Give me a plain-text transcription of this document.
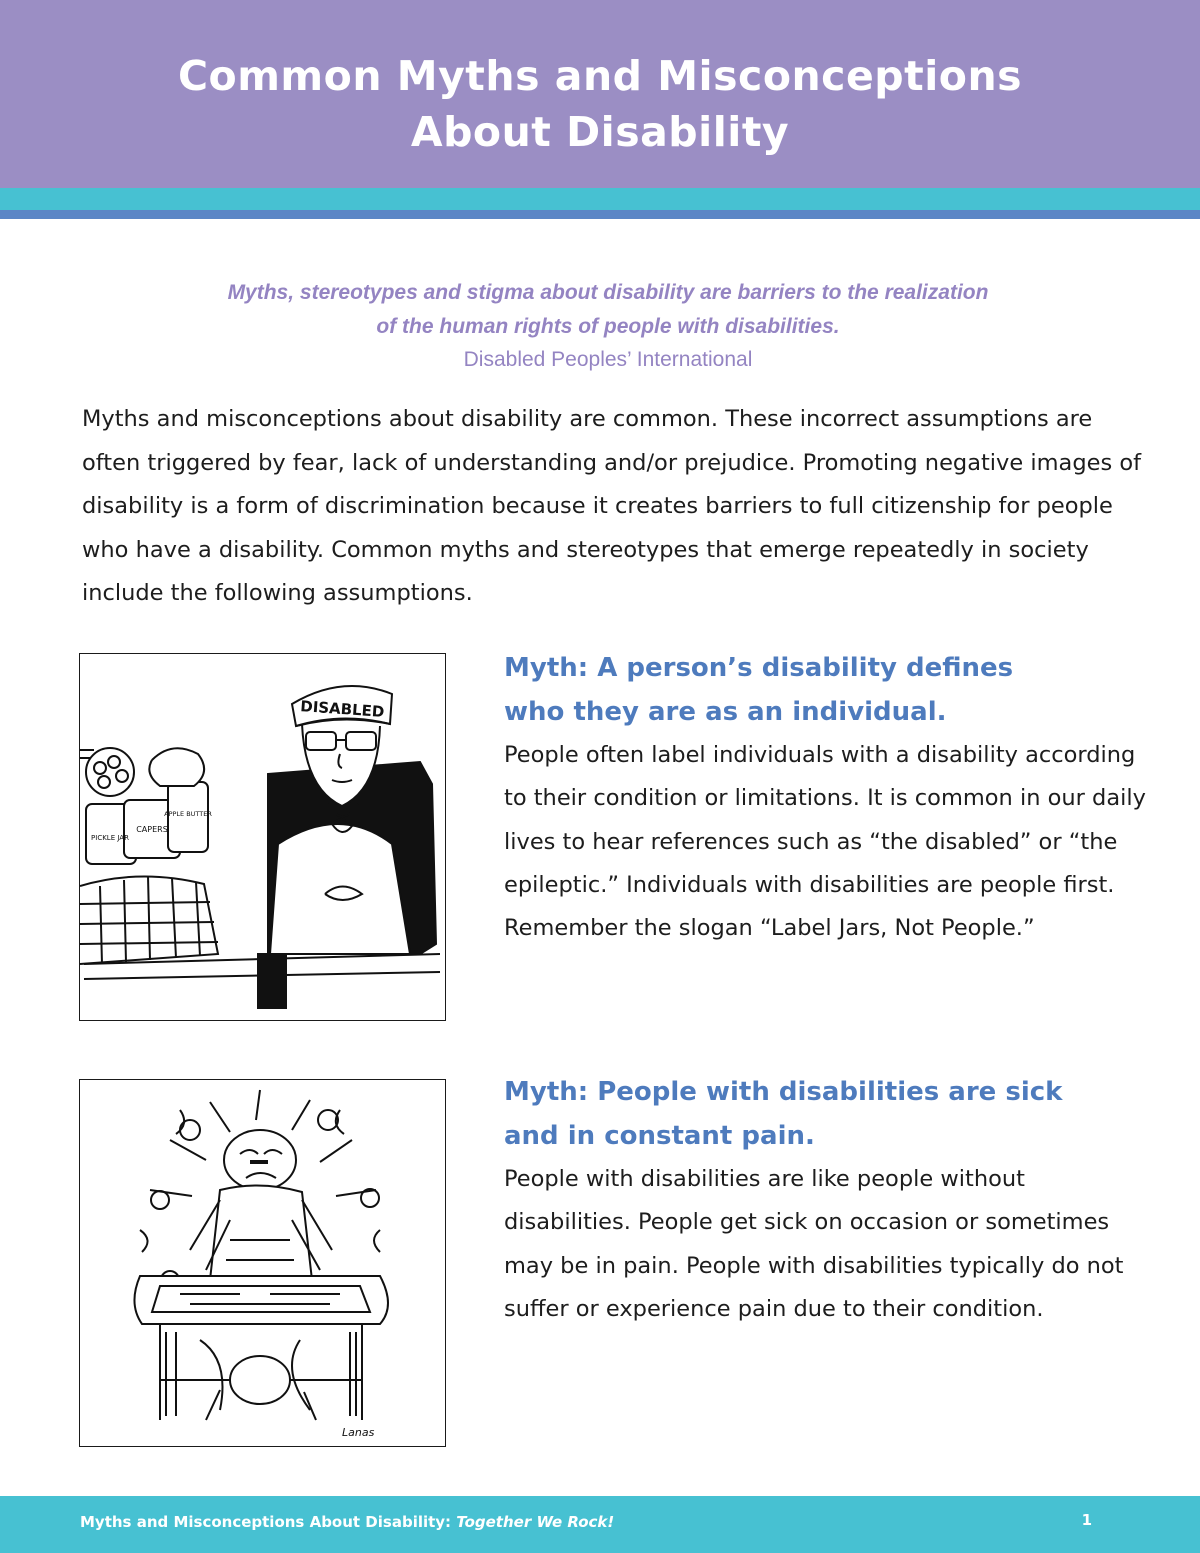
Common Myths and Misconceptions
About Disability
Myths, stereotypes and stigma about disability are barriers to the realization
of the human rights of people with disabilities.
Disabled Peoples’ International

Myths and misconceptions about disability are common. These incorrect assumptions are often triggered by fear, lack of understanding and/or prejudice. Promoting negative images of disability is a form of discrimination because it creates barriers to full citizenship for people who have a disability. Common myths and stereotypes that emerge repeatedly in society include the following assumptions.

DISABLED
CAPERS
PICKLE JAR
APPLE BUTTER
Myth: A person’s disability defines
who they are as an individual.

People often label individuals with a disability according to their condition or limitations. It is common in our daily lives to hear references such as “the disabled” or “the epileptic.” Individuals with disabilities are people first. Remember the slogan “Label Jars, Not People.”

Lanas
Myth: People with disabilities are sick
and in constant pain.

People with disabilities are like people without disabilities. People get sick on occasion or sometimes may be in pain. People with disabilities typically do not suffer or experience pain due to their condition.

Myths and Misconceptions About Disability: Together We Rock!	1
